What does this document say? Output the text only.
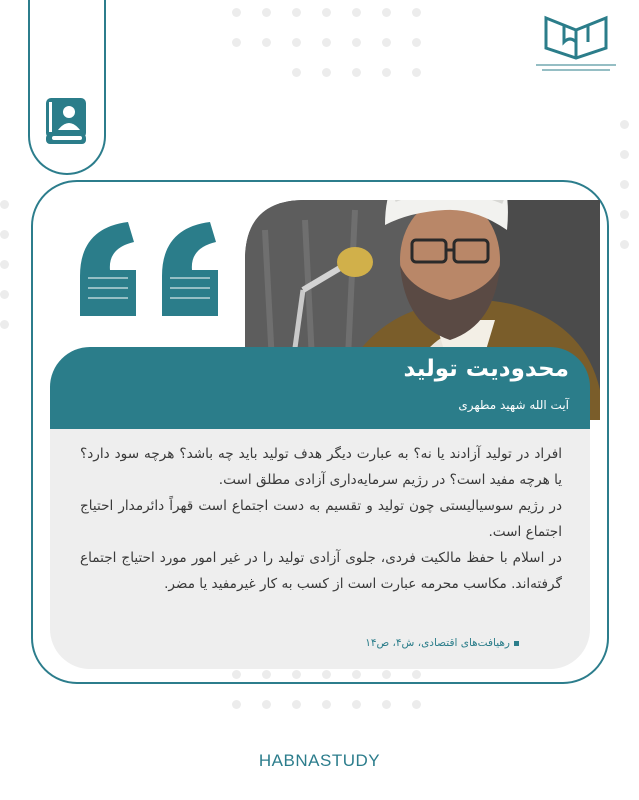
محدودیت تولید
آیت الله شهید مطهری
افراد در تولید آزادند یا نه؟ به عبارت دیگر هدف تولید باید چه باشد؟ هرچه سود دارد؟ یا هرچه مفید است؟ در رژیم سرمایه‌داری آزادی مطلق است.
در رژیم سوسیالیستی چون تولید و تقسیم به دست اجتماع است قهراً دائرمدار احتیاج اجتماع است.
در اسلام با حفظ مالکیت فردی، جلوی آزادی تولید را در غیر امور مورد احتیاج اجتماع گرفته‌اند. مکاسب محرمه عبارت است از کسب به کار غیرمفید یا مضر.
رهیافت‌های اقتصادی، ش۴، ص۱۴
HABNASTUDY
